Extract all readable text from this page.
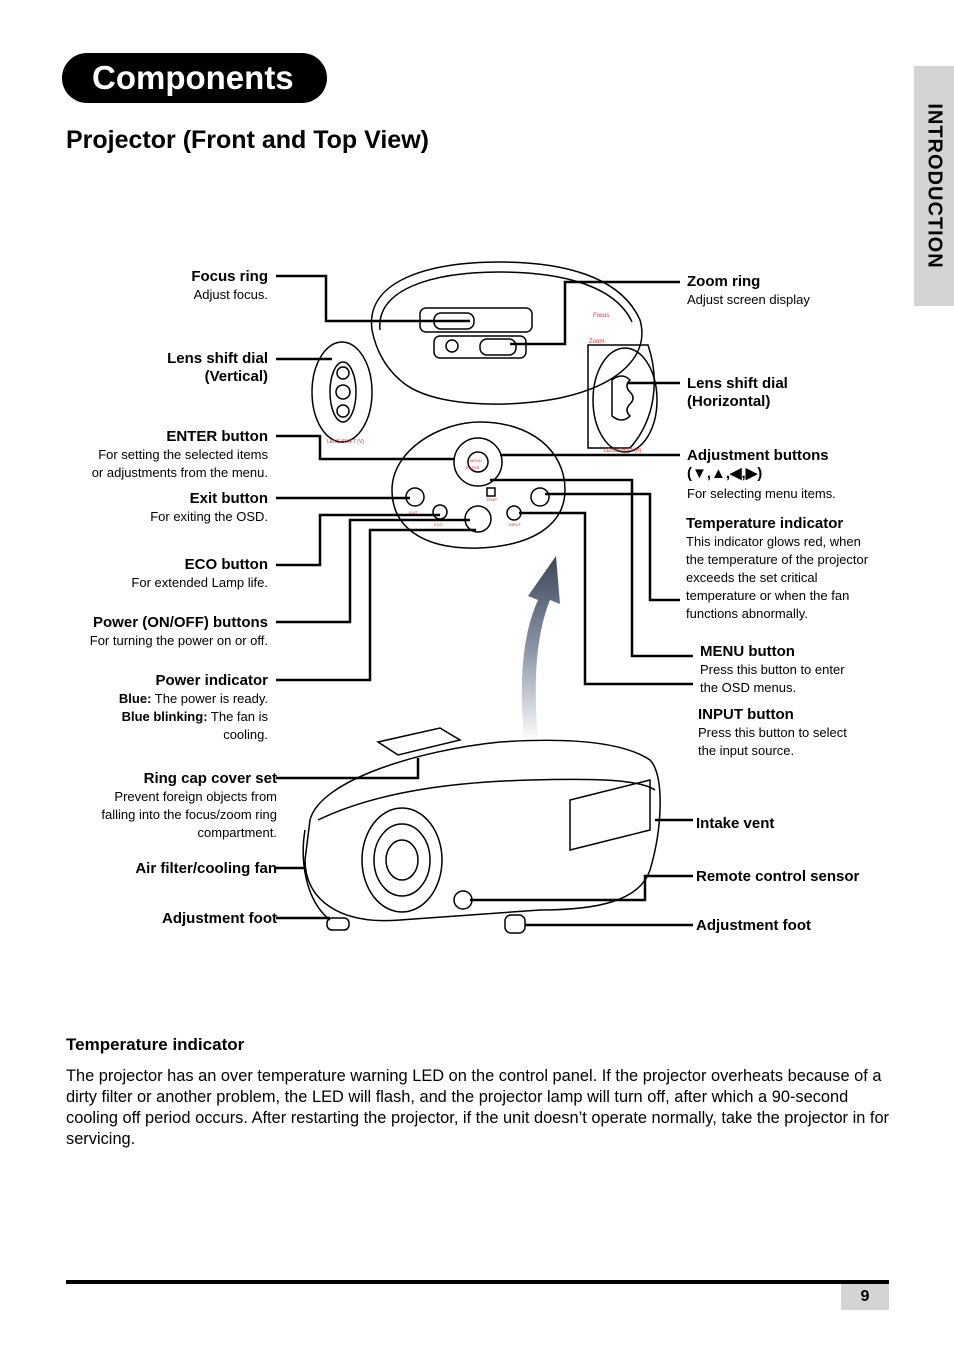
Components
INTRODUCTION
Projector (Front and Top View)
Focus
Zoom
LENS SHIFT (V)
LENS SHIFT (H)
MENU
EXIT
ECO	INPUT
TEMP
ENTER
Focus ring
Adjust focus.
Lens shift dial
(Vertical)
ENTER button
For setting the selected items
or adjustments from the menu.
Exit button
For exiting the OSD.
ECO button
For extended Lamp life.
Power (ON/OFF) buttons
For turning the power on or off.
Power indicator
Blue: The power is ready.
Blue blinking: The fan is
cooling.
Ring cap cover set
Prevent foreign objects from
falling into the focus/zoom ring
compartment.
Air filter/cooling fan
Adjustment foot
Zoom ring
Adjust screen display
Lens shift dial
(Horizontal)
Adjustment buttons
(▼,▲,◀,▶)
For selecting menu items.
Temperature indicator
This indicator glows red, when
the temperature of the projector
exceeds the set critical
temperature or when the fan
functions abnormally.
MENU button
Press this button to enter
the OSD menus.
INPUT button
Press this button to select
the input source.
Intake vent
Remote control sensor
Adjustment foot
Temperature indicator
The projector has an over temperature warning LED on the control panel. If the projector overheats because of a dirty filter or another problem, the LED will flash, and the projector lamp will turn off, after which a 90-second cooling off period occurs. After restarting the projector, if the unit doesn’t operate normally, take the projector in for servicing.
9
